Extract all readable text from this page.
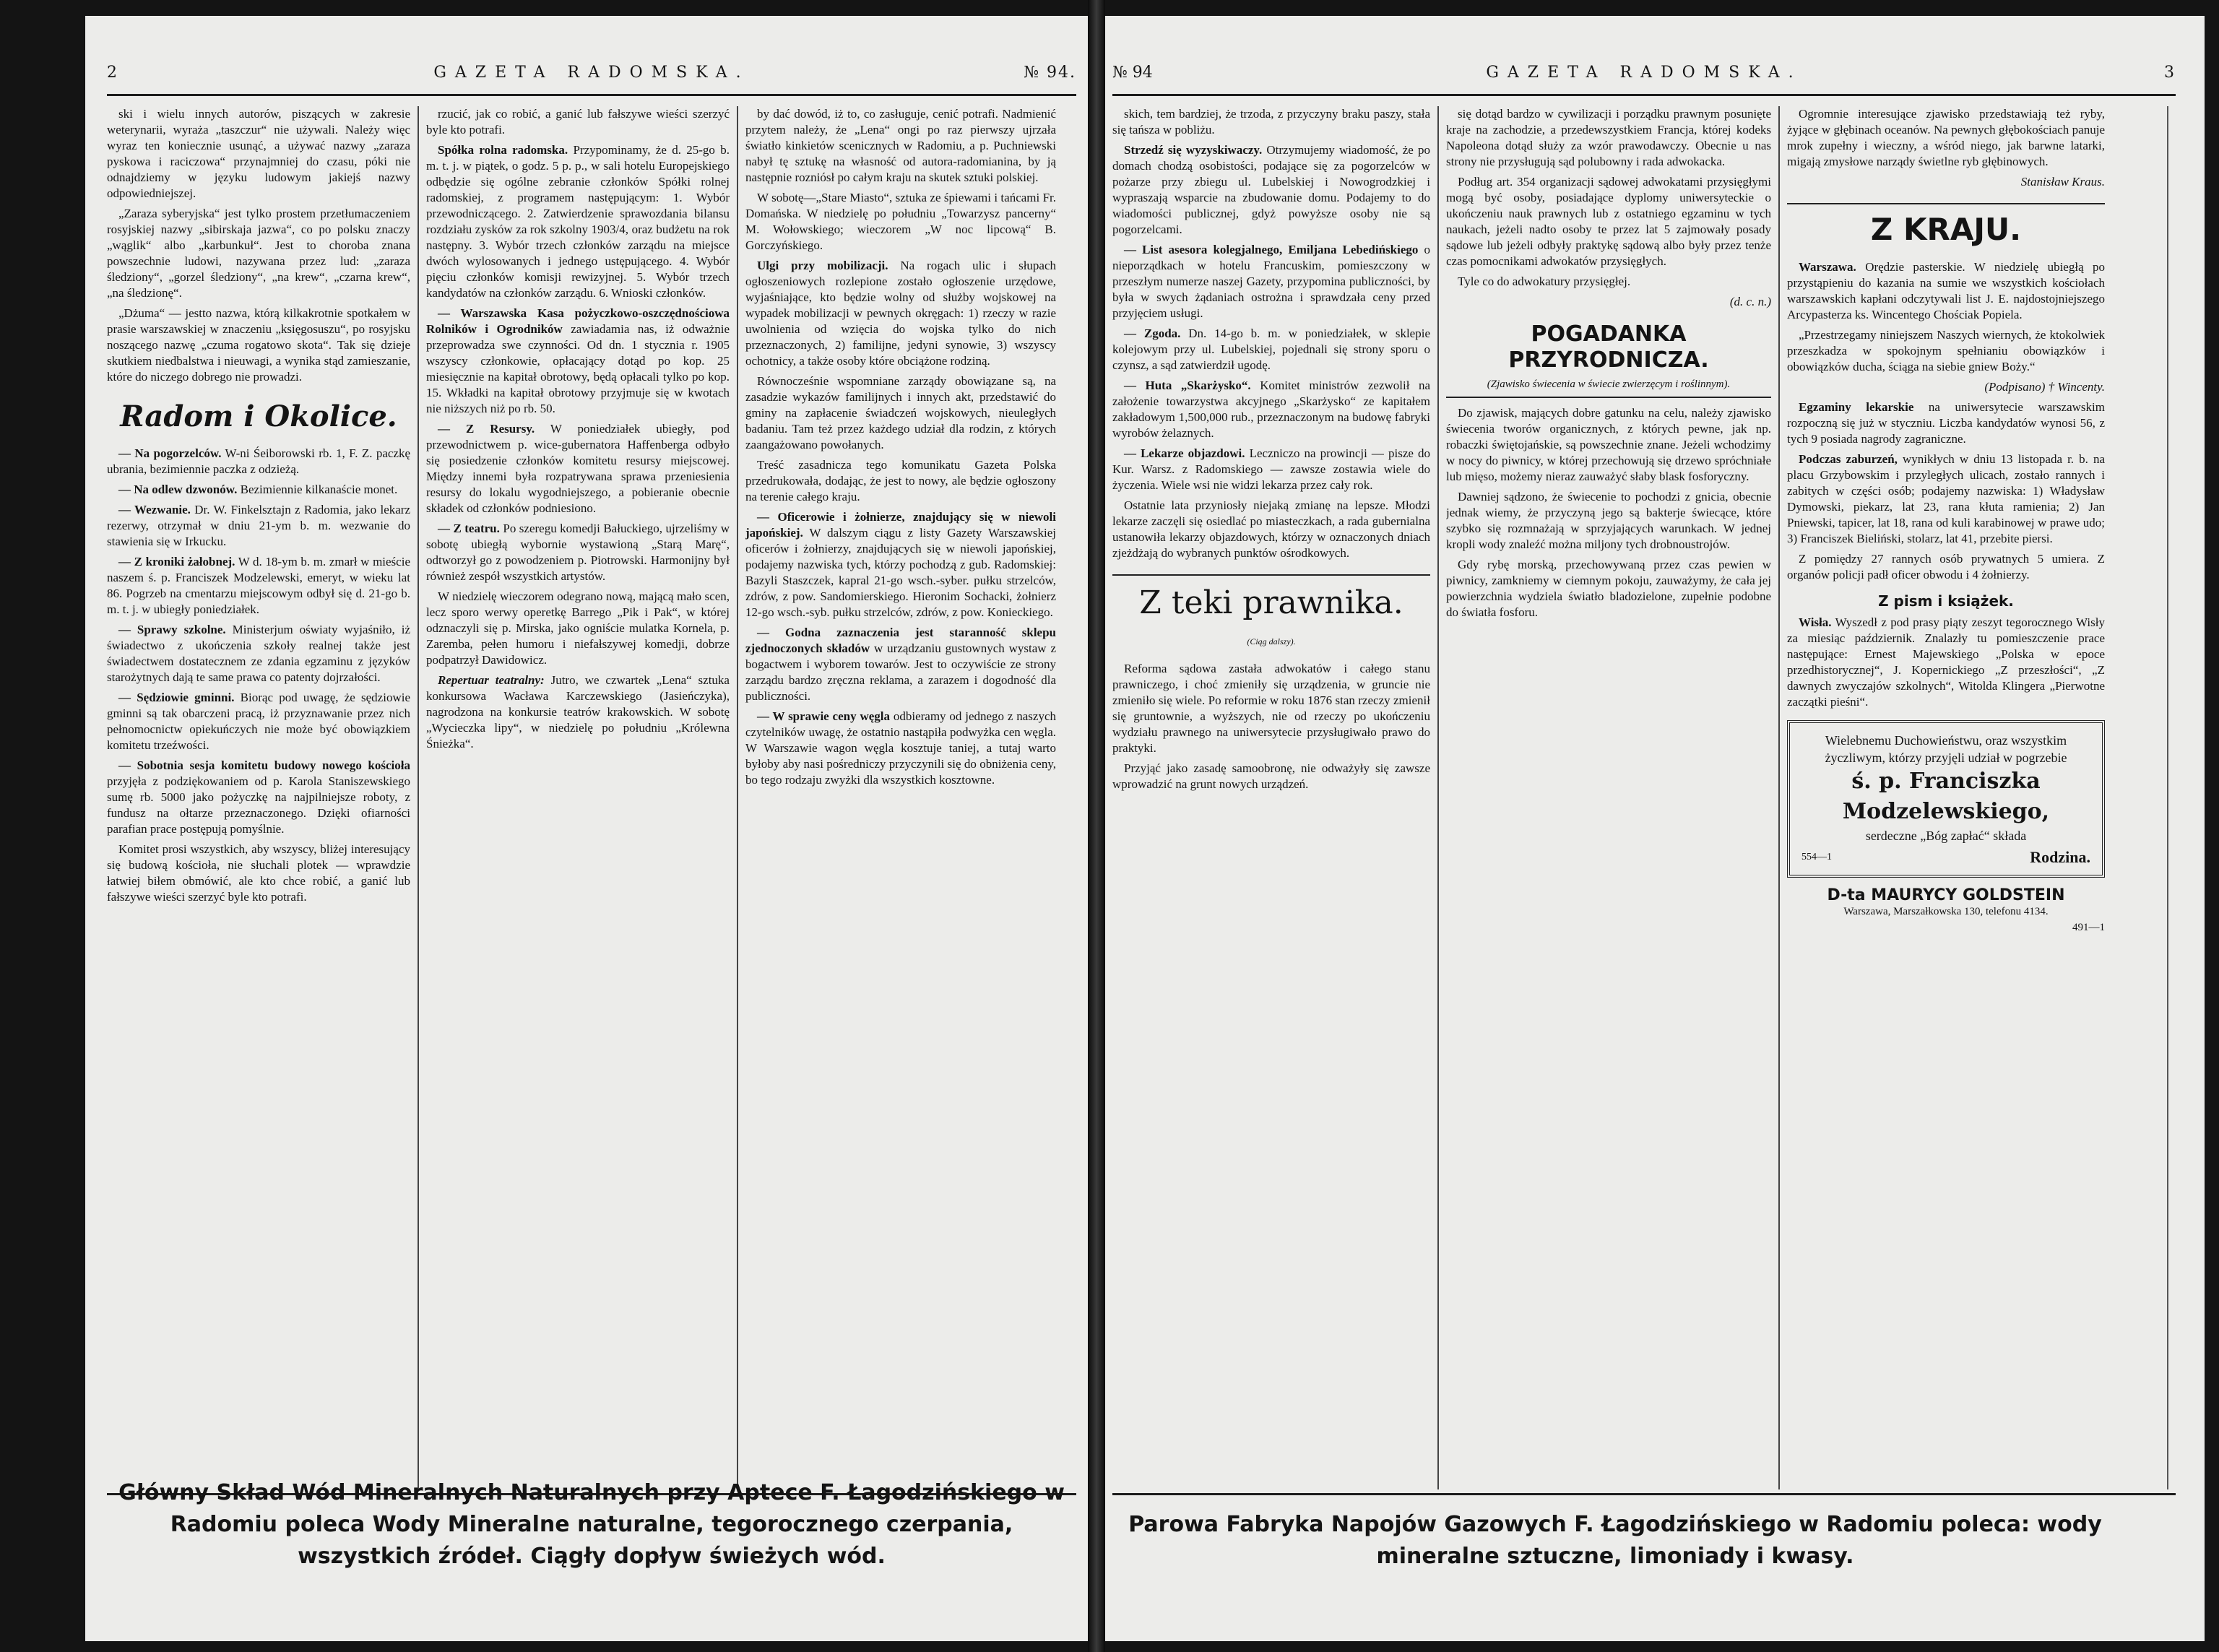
2	GAZETA RADOMSKA.	№ 94.

ski i wielu innych autorów, piszących w zakresie weterynarii, wyraża „taszczur“ nie używali. Należy więc wyraz ten koniecznie usunąć, a używać nazwy „zaraza pyskowa i raciczowa“ przynajmniej do czasu, póki nie odnajdziemy w języku ludowym jakiejś nazwy odpowiedniejszej.

„Zaraza syberyjska“ jest tylko prostem przetłumaczeniem rosyjskiej nazwy „sibirskaja jazwa“, co po polsku znaczy „wąglik“ albo „karbunkuł“. Jest to choroba znana powszechnie ludowi, nazywana przez lud: „zaraza śledziony“, „gorzel śledziony“, „na krew“, „czarna krew“, „na śledzionę“.

„Dżuma“ — jestto nazwa, którą kilkakrotnie spotkałem w prasie warszawskiej w znaczeniu „księgosuszu“, po rosyjsku noszącego nazwę „czuma rogatowo skota“. Tak się dzieje skutkiem niedbalstwa i nieuwagi, a wynika stąd zamieszanie, które do niczego dobrego nie prowadzi.

Radom i Okolice.

— Na pogorzelców. W-ni Śeiborowski rb. 1, F. Z. paczkę ubrania, bezimiennie paczka z odzieżą.

— Na odlew dzwonów. Bezimiennie kilkanaście monet.

— Wezwanie. Dr. W. Finkelsztajn z Radomia, jako lekarz rezerwy, otrzymał w dniu 21-ym b. m. wezwanie do stawienia się w Irkucku.

— Z kroniki żałobnej. W d. 18-ym b. m. zmarł w mieście naszem ś. p. Franciszek Modzelewski, emeryt, w wieku lat 86. Pogrzeb na cmentarzu miejscowym odbył się d. 21-go b. m. t. j. w ubiegły poniedziałek.

— Sprawy szkolne. Ministerjum oświaty wyjaśniło, iż świadectwo z ukończenia szkoły realnej także jest świadectwem dostatecznem ze zdania egzaminu z języków starożytnych dają te same prawa co patenty dojrzałości.

— Sędziowie gminni. Biorąc pod uwagę, że sędziowie gminni są tak obarczeni pracą, iż przyznawanie przez nich pełnomocnictw opiekuńczych nie może być obowiązkiem komitetu trzeźwości.

— Sobotnia sesja komitetu budowy nowego kościoła przyjęła z podziękowaniem od p. Karola Staniszewskiego sumę rb. 5000 jako pożyczkę na najpilniejsze roboty, z fundusz na ołtarze przeznaczonego. Dzięki ofiarności parafian prace postępują pomyślnie.

Komitet prosi wszystkich, aby wszyscy, bliżej interesujący się budową kościoła, nie słuchali plotek — wprawdzie łatwiej biłem obmówić, ale kto chce robić, a ganić lub fałszywe wieści szerzyć byle kto potrafi.

rzucić, jak co robić, a ganić lub fałszywe wieści szerzyć byle kto potrafi.

Spółka rolna radomska. Przypominamy, że d. 25-go b. m. t. j. w piątek, o godz. 5 p. p., w sali hotelu Europejskiego odbędzie się ogólne zebranie członków Spółki rolnej radomskiej, z programem następującym: 1. Wybór przewodniczącego. 2. Zatwierdzenie sprawozdania bilansu rozdziału zysków za rok szkolny 1903/4, oraz budżetu na rok następny. 3. Wybór trzech członków zarządu na miejsce dwóch wylosowanych i jednego ustępującego. 4. Wybór pięciu członków komisji rewizyjnej. 5. Wybór trzech kandydatów na członków zarządu. 6. Wnioski członków.

— Warszawska Kasa pożyczkowo-oszczędnościowa Rolników i Ogrodników zawiadamia nas, iż odważnie przeprowadza swe czynności. Od dn. 1 stycznia r. 1905 wszyscy członkowie, opłacający dotąd po kop. 25 miesięcznie na kapitał obrotowy, będą opłacali tylko po kop. 15. Wkładki na kapitał obrotowy przyjmuje się w kwotach nie niższych niż po rb. 50.

— Z Resursy. W poniedziałek ubiegły, pod przewodnictwem p. wice-gubernatora Haffenberga odbyło się posiedzenie członków komitetu resursy miejscowej. Między innemi była rozpatrywana sprawa przeniesienia resursy do lokalu wygodniejszego, a pobieranie obecnie składek od członków podniesiono.

— Z teatru. Po szeregu komedji Bałuckiego, ujrzeliśmy w sobotę ubiegłą wybornie wystawioną „Starą Marę“, odtworzył go z powodzeniem p. Piotrowski. Harmonijny był również zespół wszystkich artystów.

W niedzielę wieczorem odegrano nową, mającą mało scen, lecz sporo werwy operetkę Barrego „Pik i Pak“, w której odznaczyli się p. Mirska, jako ogniście mulatka Kornela, p. Zaremba, pełen humoru i niefałszywej komedji, dobrze podpatrzył Dawidowicz.

Repertuar teatralny: Jutro, we czwartek „Lena“ sztuka konkursowa Wacława Karczewskiego (Jasieńczyka), nagrodzona na konkursie teatrów krakowskich. W sobotę „Wycieczka lipy“, w niedzielę po południu „Królewna Śnieżka“.

by dać dowód, iż to, co zasługuje, cenić potrafi. Nadmienić przytem należy, że „Lena“ ongi po raz pierwszy ujrzała światło kinkietów scenicznych w Radomiu, a p. Puchniewski nabył tę sztukę na własność od autora-radomianina, by ją następnie rozniósł po całym kraju na skutek sztuki polskiej.

W sobotę—„Stare Miasto“, sztuka ze śpiewami i tańcami Fr. Domańska. W niedzielę po południu „Towarzysz pancerny“ M. Wołowskiego; wieczorem „W noc lipcową“ B. Gorczyńskiego.

Ulgi przy mobilizacji. Na rogach ulic i słupach ogłoszeniowych rozlepione zostało ogłoszenie urzędowe, wyjaśniające, kto będzie wolny od służby wojskowej na wypadek mobilizacji w pewnych okręgach: 1) rzeczy w razie uwolnienia od wzięcia do wojska tylko do nich przeznaczonych, 2) familijne, jedyni synowie, 3) wszyscy ochotnicy, a także osoby które obciążone rodziną.

Równocześnie wspomniane zarządy obowiązane są, na zasadzie wykazów familijnych i innych akt, przedstawić do gminy na zapłacenie świadczeń wojskowych, nieuległych badaniu. Tam też przez każdego udział dla rodzin, z których zaangażowano powołanych.

Treść zasadnicza tego komunikatu Gazeta Polska przedrukowała, dodając, że jest to nowy, ale będzie ogłoszony na terenie całego kraju.

— Oficerowie i żołnierze, znajdujący się w niewoli japońskiej. W dalszym ciągu z listy Gazety Warszawskiej oficerów i żołnierzy, znajdujących się w niewoli japońskiej, podajemy nazwiska tych, którzy pochodzą z gub. Radomskiej: Bazyli Staszczek, kapral 21-go wsch.-syber. pułku strzelców, zdrów, z pow. Sandomierskiego. Hieronim Sochacki, żołnierz 12-go wsch.-syb. pułku strzelców, zdrów, z pow. Konieckiego.

— Godna zaznaczenia jest staranność sklepu zjednoczonych składów w urządzaniu gustownych wystaw z bogactwem i wyborem towarów. Jest to oczywiście ze strony zarządu bardzo zręczna reklama, a zarazem i dogodność dla publiczności.

— W sprawie ceny węgla odbieramy od jednego z naszych czytelników uwagę, że ostatnio nastąpiła podwyżka cen węgla. W Warszawie wagon węgla kosztuje taniej, a tutaj warto byłoby aby nasi pośredniczy przyczynili się do obniżenia ceny, bo tego rodzaju zwyżki dla wszystkich kosztowne.

Główny Skład Wód Mineralnych Naturalnych przy Aptece F. Łagodzińskiego w Radomiu poleca Wody Mineralne naturalne, tegorocznego czerpania, wszystkich źródeł. Ciągły dopływ świeżych wód.
№ 94	GAZETA RADOMSKA.	3

skich, tem bardziej, że trzoda, z przyczyny braku paszy, stała się tańsza w pobliżu.

Strzedź się wyzyskiwaczy. Otrzymujemy wiadomość, że po domach chodzą osobistości, podające się za pogorzelców w pożarze przy zbiegu ul. Lubelskiej i Nowogrodzkiej i wypraszają wsparcie na zbudowanie domu. Podajemy to do wiadomości publicznej, gdyż powyższe osoby nie są pogorzelcami.

— List asesora kolegjalnego, Emiljana Lebedińskiego o nieporządkach w hotelu Francuskim, pomieszczony w przeszłym numerze naszej Gazety, przypomina publiczności, by była w swych żądaniach ostrożna i sprawdzała ceny przed przyjęciem usługi.

— Zgoda. Dn. 14-go b. m. w poniedziałek, w sklepie kolejowym przy ul. Lubelskiej, pojednali się strony sporu o czynsz, a sąd zatwierdził ugodę.

— Huta „Skarżysko“. Komitet ministrów zezwolił na założenie towarzystwa akcyjnego „Skarżysko“ ze kapitałem zakładowym 1,500,000 rub., przeznaczonym na budowę fabryki wyrobów żelaznych.

— Lekarze objazdowi. Leczniczo na prowincji — pisze do Kur. Warsz. z Radomskiego — zawsze zostawia wiele do życzenia. Wiele wsi nie widzi lekarza przez cały rok.

Ostatnie lata przyniosły niejaką zmianę na lepsze. Młodzi lekarze zaczęli się osiedlać po miasteczkach, a rada gubernialna ustanowiła lekarzy objazdowych, którzy w oznaczonych dniach zjeżdżają do wybranych punktów ośrodkowych.

Z teki prawnika.

(Ciąg dalszy).

Reforma sądowa zastała adwokatów i całego stanu prawniczego, i choć zmieniły się urządzenia, w gruncie nie zmieniło się wiele. Po reformie w roku 1876 stan rzeczy zmienił się gruntownie, a wyższych, nie od rzeczy po ukończeniu wydziału prawnego na uniwersytecie przysługiwało prawo do praktyki.

Przyjąć jako zasadę samoobronę, nie odważyły się zawsze wprowadzić na grunt nowych urządzeń.

się dotąd bardzo w cywilizacji i porządku prawnym posunięte kraje na zachodzie, a przedewszystkiem Francja, której kodeks Napoleona dotąd służy za wzór prawodawczy. Obecnie u nas strony nie przysługują sąd polubowny i rada adwokacka.

Podług art. 354 organizacji sądowej adwokatami przysięgłymi mogą być osoby, posiadające dyplomy uniwersyteckie o ukończeniu nauk prawnych lub z ostatniego egzaminu w tych naukach, jeżeli nadto osoby te przez lat 5 zajmowały posady sądowe lub jeżeli odbyły praktykę sądową albo były przez tenże czas pomocnikami adwokatów przysięgłych.

Tyle co do adwokatury przysięgłej.

(d. c. n.)

POGADANKA PRZYRODNICZA.

(Zjawisko świecenia w świecie zwierzęcym i roślinnym).

Do zjawisk, mających dobre gatunku na celu, należy zjawisko świecenia tworów organicznych, z których pewne, jak np. robaczki świętojańskie, są powszechnie znane. Jeżeli wchodzimy w nocy do piwnicy, w której przechowują się drzewo spróchniałe lub mięso, możemy nieraz zauważyć słaby blask fosforyczny.

Dawniej sądzono, że świecenie to pochodzi z gnicia, obecnie jednak wiemy, że przyczyną jego są bakterje świecące, które szybko się rozmnażają w sprzyjających warunkach. W jednej kropli wody znaleźć można miljony tych drobnoustrojów.

Gdy rybę morską, przechowywaną przez czas pewien w piwnicy, zamkniemy w ciemnym pokoju, zauważymy, że cała jej powierzchnia wydziela światło bladozielone, zupełnie podobne do światła fosforu.

Ogromnie interesujące zjawisko przedstawiają też ryby, żyjące w głębinach oceanów. Na pewnych głębokościach panuje mrok zupełny i wieczny, a wśród niego, jak barwne latarki, migają zmysłowe narządy świetlne ryb głębinowych.

Stanisław Kraus.

Z KRAJU.

Warszawa. Orędzie pasterskie. W niedzielę ubiegłą po przystąpieniu do kazania na sumie we wszystkich kościołach warszawskich kapłani odczytywali list J. E. najdostojniejszego Arcypasterza ks. Wincentego Chościak Popiela.

„Przestrzegamy niniejszem Naszych wiernych, że ktokolwiek przeszkadza w spokojnym spełnianiu obowiązków i obowiązków ducha, ściąga na siebie gniew Boży.“

(Podpisano) † Wincenty.

Egzaminy lekarskie na uniwersytecie warszawskim rozpoczną się już w styczniu. Liczba kandydatów wynosi 56, z tych 9 posiada nagrody zagraniczne.

Podczas zaburzeń, wynikłych w dniu 13 listopada r. b. na placu Grzybowskim i przyległych ulicach, zostało rannych i zabitych w części osób; podajemy nazwiska: 1) Władysław Dymowski, piekarz, lat 23, rana kłuta ramienia; 2) Jan Pniewski, tapicer, lat 18, rana od kuli karabinowej w prawe udo; 3) Franciszek Bieliński, stolarz, lat 41, przebite piersi.

Z pomiędzy 27 rannych osób prywatnych 5 umiera. Z organów policji padł oficer obwodu i 4 żołnierzy.

Z pism i książek.

Wisła. Wyszedł z pod prasy piąty zeszyt tegorocznego Wisły za miesiąc październik. Znalazły tu pomieszczenie prace następujące: Ernest Majewskiego „Polska w epoce przedhistorycznej“, J. Kopernickiego „Z przeszłości“, „Z dawnych zwyczajów szkolnych“, Witolda Klingera „Pierwotne zaczątki pieśni“.

Wielebnemu Duchowieństwu, oraz wszystkim życzliwym, którzy przyjęli udział w pogrzebie
ś. p. Franciszka Modzelewskiego,
serdeczne „Bóg zapłać“ składa
554—1	Rodzina.
D-ta MAURYCY GOLDSTEIN
Warszawa, Marszałkowska 130, telefonu 4134.
491—1
Parowa Fabryka Napojów Gazowych F. Łagodzińskiego w Radomiu poleca: wody mineralne sztuczne, limoniady i kwasy.
